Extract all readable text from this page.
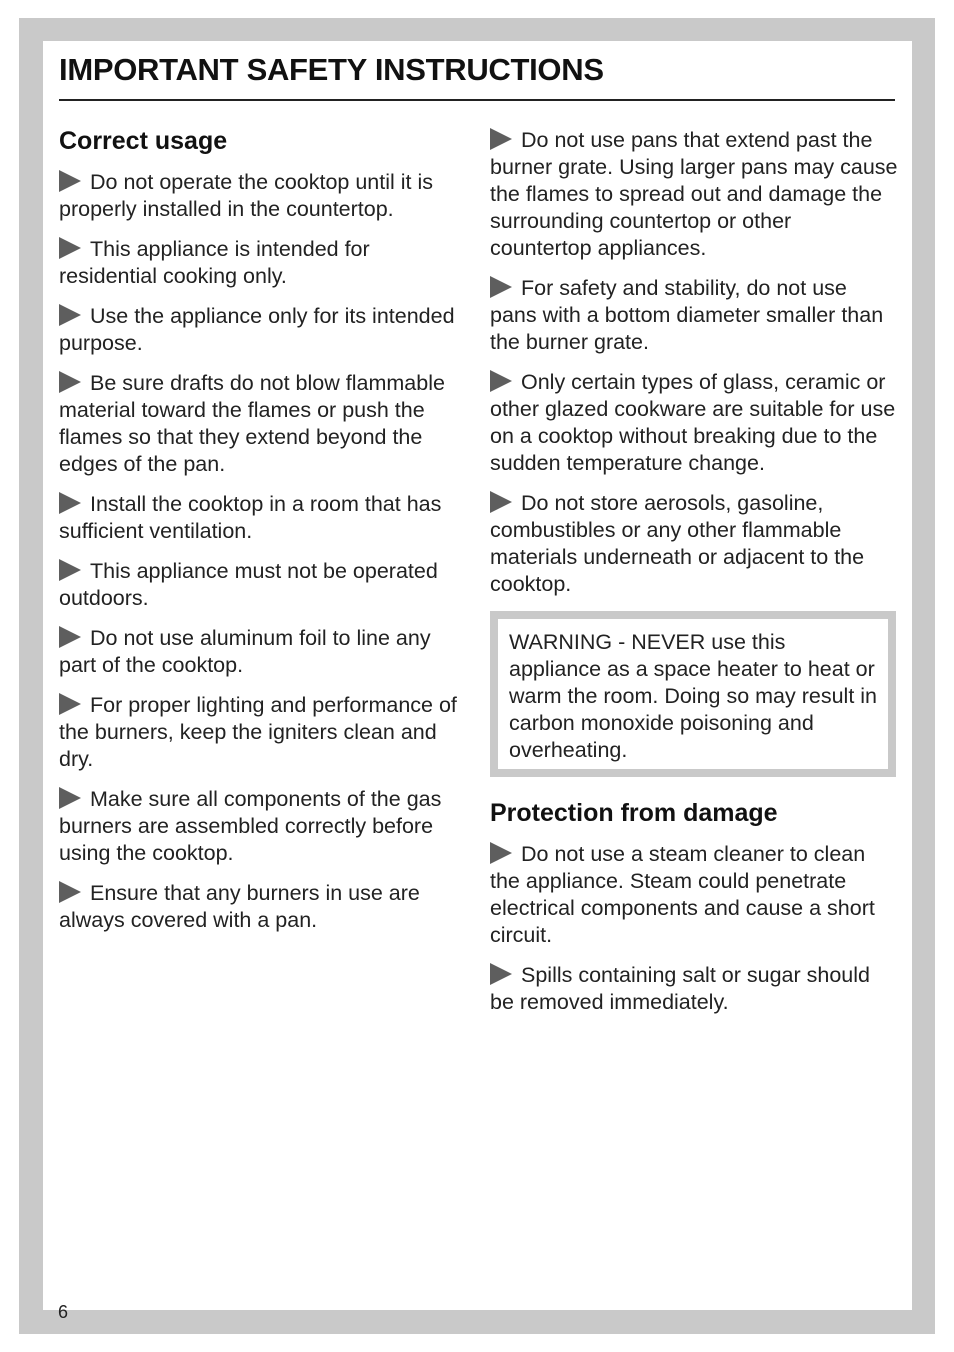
IMPORTANT SAFETY INSTRUCTIONS
Correct usage

Do not operate the cooktop until it is properly installed in the countertop.

This appliance is intended for residential cooking only.

Use the appliance only for its intended purpose.

Be sure drafts do not blow flammable material toward the flames or push the flames so that they extend beyond the edges of the pan.

Install the cooktop in a room that has sufficient ventilation.

This appliance must not be operated outdoors.

Do not use aluminum foil to line any part of the cooktop.

For proper lighting and performance of the burners, keep the igniters clean and dry.

Make sure all components of the gas burners are assembled correctly before using the cooktop.

Ensure that any burners in use are always covered with a pan.

Do not use pans that extend past the burner grate. Using larger pans may cause the flames to spread out and damage the surrounding countertop or other countertop appliances.

For safety and stability, do not use pans with a bottom diameter smaller than the burner grate.

Only certain types of glass, ceramic or other glazed cookware are suitable for use on a cooktop without breaking due to the sudden temperature change.

Do not store aerosols, gasoline, combustibles or any other flammable materials underneath or adjacent to the cooktop.

WARNING - NEVER use this appliance as a space heater to heat or warm the room. Doing so may result in carbon monoxide poisoning and overheating.
Protection from damage

Do not use a steam cleaner to clean the appliance. Steam could penetrate electrical components and cause a short circuit.

Spills containing salt or sugar should be removed immediately.

6
